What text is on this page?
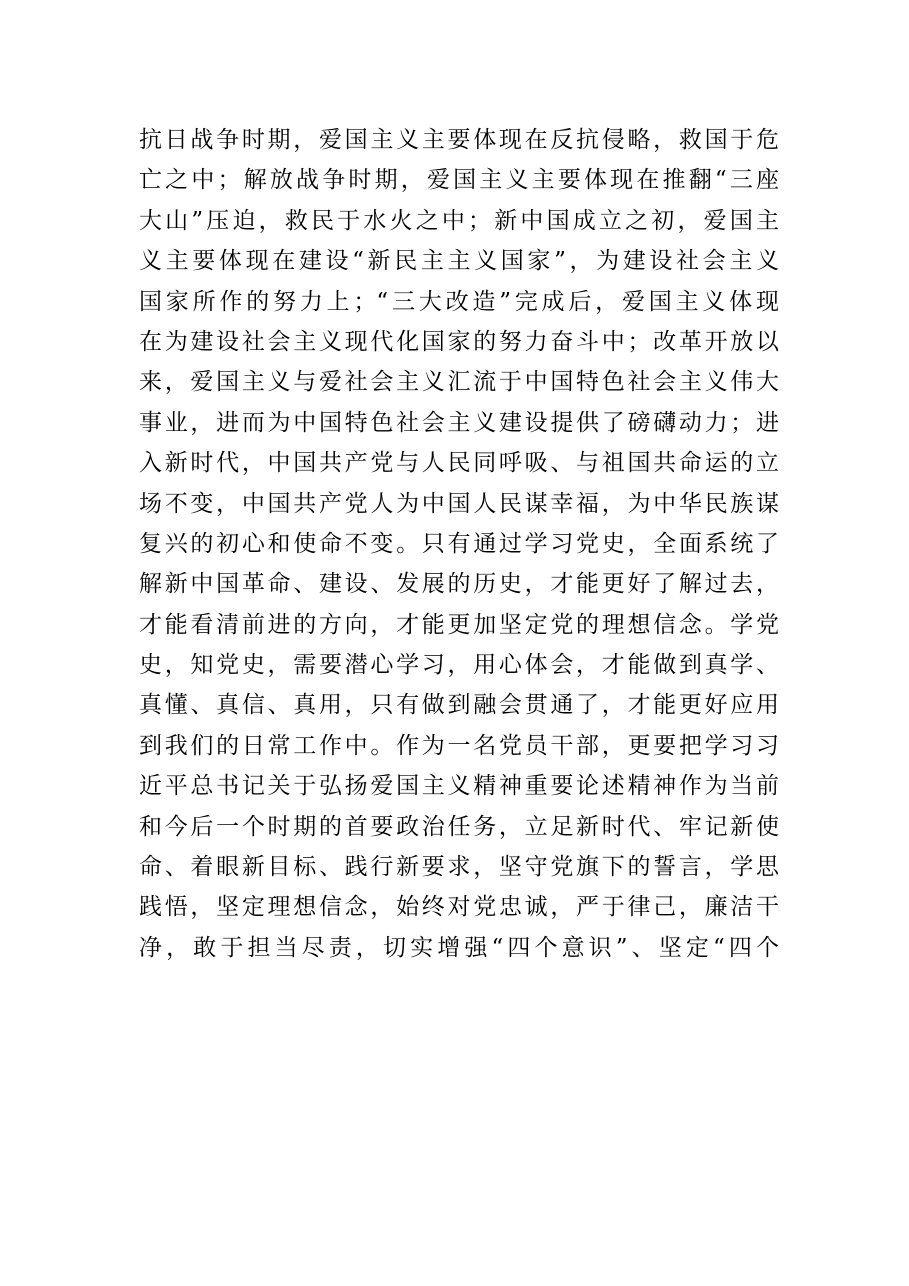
抗日战争时期，爱国主义主要体现在反抗侵略，救国于危
亡之中；解放战争时期，爱国主义主要体现在推翻“三座
大山”压迫，救民于水火之中；新中国成立之初，爱国主
义主要体现在建设“新民主主义国家”，为建设社会主义
国家所作的努力上；“三大改造”完成后，爱国主义体现
在为建设社会主义现代化国家的努力奋斗中；改革开放以
来，爱国主义与爱社会主义汇流于中国特色社会主义伟大
事业，进而为中国特色社会主义建设提供了磅礴动力；进
入新时代，中国共产党与人民同呼吸、与祖国共命运的立
场不变，中国共产党人为中国人民谋幸福，为中华民族谋
复兴的初心和使命不变。只有通过学习党史，全面系统了
解新中国革命、建设、发展的历史，才能更好了解过去，
才能看清前进的方向，才能更加坚定党的理想信念。学党
史，知党史，需要潜心学习，用心体会，才能做到真学、
真懂、真信、真用，只有做到融会贯通了，才能更好应用
到我们的日常工作中。作为一名党员干部，更要把学习习
近平总书记关于弘扬爱国主义精神重要论述精神作为当前
和今后一个时期的首要政治任务，立足新时代、牢记新使
命、着眼新目标、践行新要求，坚守党旗下的誓言，学思
践悟，坚定理想信念，始终对党忠诚，严于律己，廉洁干
净，敢于担当尽责，切实增强“四个意识”、坚定“四个
